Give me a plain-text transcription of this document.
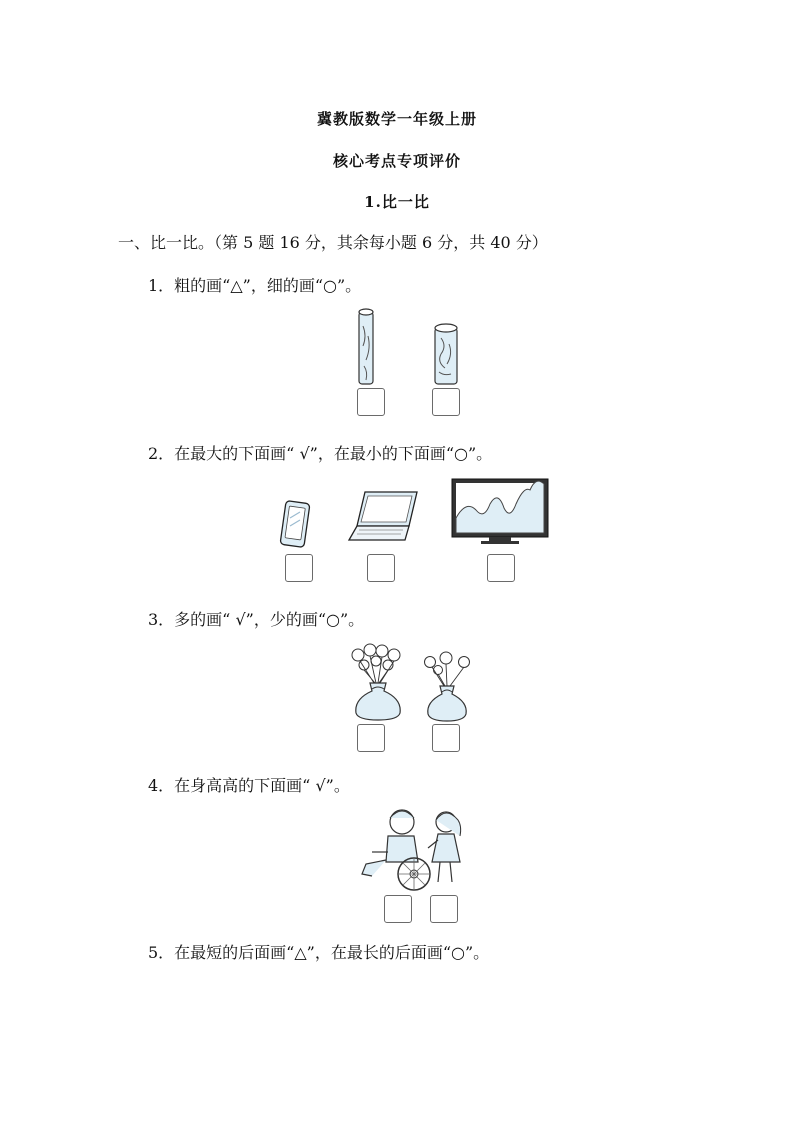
冀教版数学一年级上册
核心考点专项评价
1.比一比
一、比一比。（第 5 题 16 分，其余每小题 6 分，共 40 分）
1．粗的画“△”，细的画“○”。
2．在最大的下面画“ √”，在最小的下面画“○”。
3．多的画“ √”，少的画“○”。
4．在身高高的下面画“ √”。
5．在最短的后面画“△”，在最长的后面画“○”。
